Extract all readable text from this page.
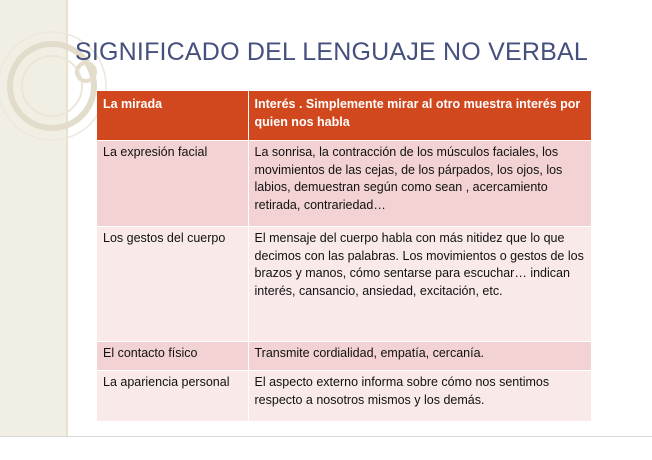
SIGNIFICADO DEL LENGUAJE NO VERBAL
La mirada	Interés . Simplemente mirar al otro muestra interés por quien nos habla
La expresión facial	La sonrisa, la contracción de los músculos faciales, los movimientos de las cejas, de los párpados, los ojos, los labios, demuestran según como sean , acercamiento retirada, contrariedad…
Los gestos del cuerpo	El mensaje del cuerpo habla con más nitidez que lo que decimos con las palabras. Los movimientos o gestos de los brazos y manos, cómo sentarse para escuchar… indican interés, cansancio, ansiedad, excitación, etc.
El contacto físico	Transmite cordialidad, empatía, cercanía.
La apariencia personal	El aspecto externo informa sobre cómo nos sentimos respecto a nosotros mismos y los demás.
